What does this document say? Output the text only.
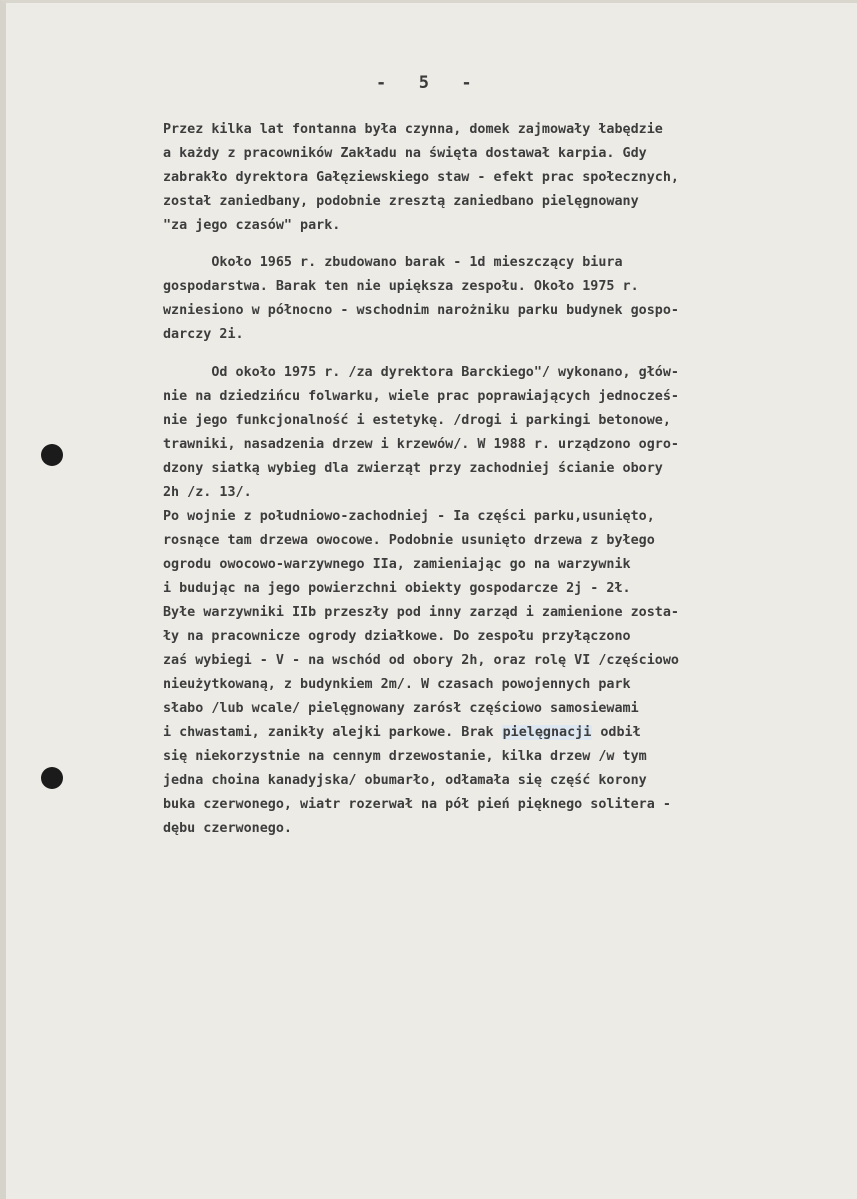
-  5  -
Przez kilka lat fontanna była czynna, domek zajmowały łabędzie
a każdy z pracowników Zakładu na święta dostawał karpia. Gdy
zabrakło dyrektora Gałęziewskiego staw - efekt prac społecznych,
został zaniedbany, podobnie zresztą zaniedbano pielęgnowany
"za jego czasów" park.
Około 1965 r. zbudowano barak - 1d mieszczący biura
gospodarstwa. Barak ten nie upiększa zespołu. Około 1975 r.
wzniesiono w północno - wschodnim narożniku parku budynek gospo-
darczy 2i.
Od około 1975 r. /za dyrektora Barckiego"/ wykonano, głów-
nie na dziedzińcu folwarku, wiele prac poprawiających jednocześ-
nie jego funkcjonalność i estetykę. /drogi i parkingi betonowe,
trawniki, nasadzenia drzew i krzewów/. W 1988 r. urządzono ogro-
dzony siatką wybieg dla zwierząt przy zachodniej ścianie obory
2h /z. 13/.
Po wojnie z południowo-zachodniej - Ia części parku,usunięto,
rosnące tam drzewa owocowe. Podobnie usunięto drzewa z byłego
ogrodu owocowo-warzywnego IIa, zamieniając go na warzywnik
i budując na jego powierzchni obiekty gospodarcze 2j - 2ł.
Byłe warzywniki IIb przeszły pod inny zarząd i zamienione zosta-
ły na pracownicze ogrody działkowe. Do zespołu przyłączono
zaś wybiegi - V - na wschód od obory 2h, oraz rolę VI /częściowo
nieużytkowaną, z budynkiem 2m/. W czasach powojennych park
słabo /lub wcale/ pielęgnowany zarósł częściowo samosiewami
i chwastami, zanikły alejki parkowe. Brak pielęgnacji odbił
się niekorzystnie na cennym drzewostanie, kilka drzew /w tym
jedna choina kanadyjska/ obumarło, odłamała się część korony
buka czerwonego, wiatr rozerwał na pół pień pięknego solitera -
dębu czerwonego.
